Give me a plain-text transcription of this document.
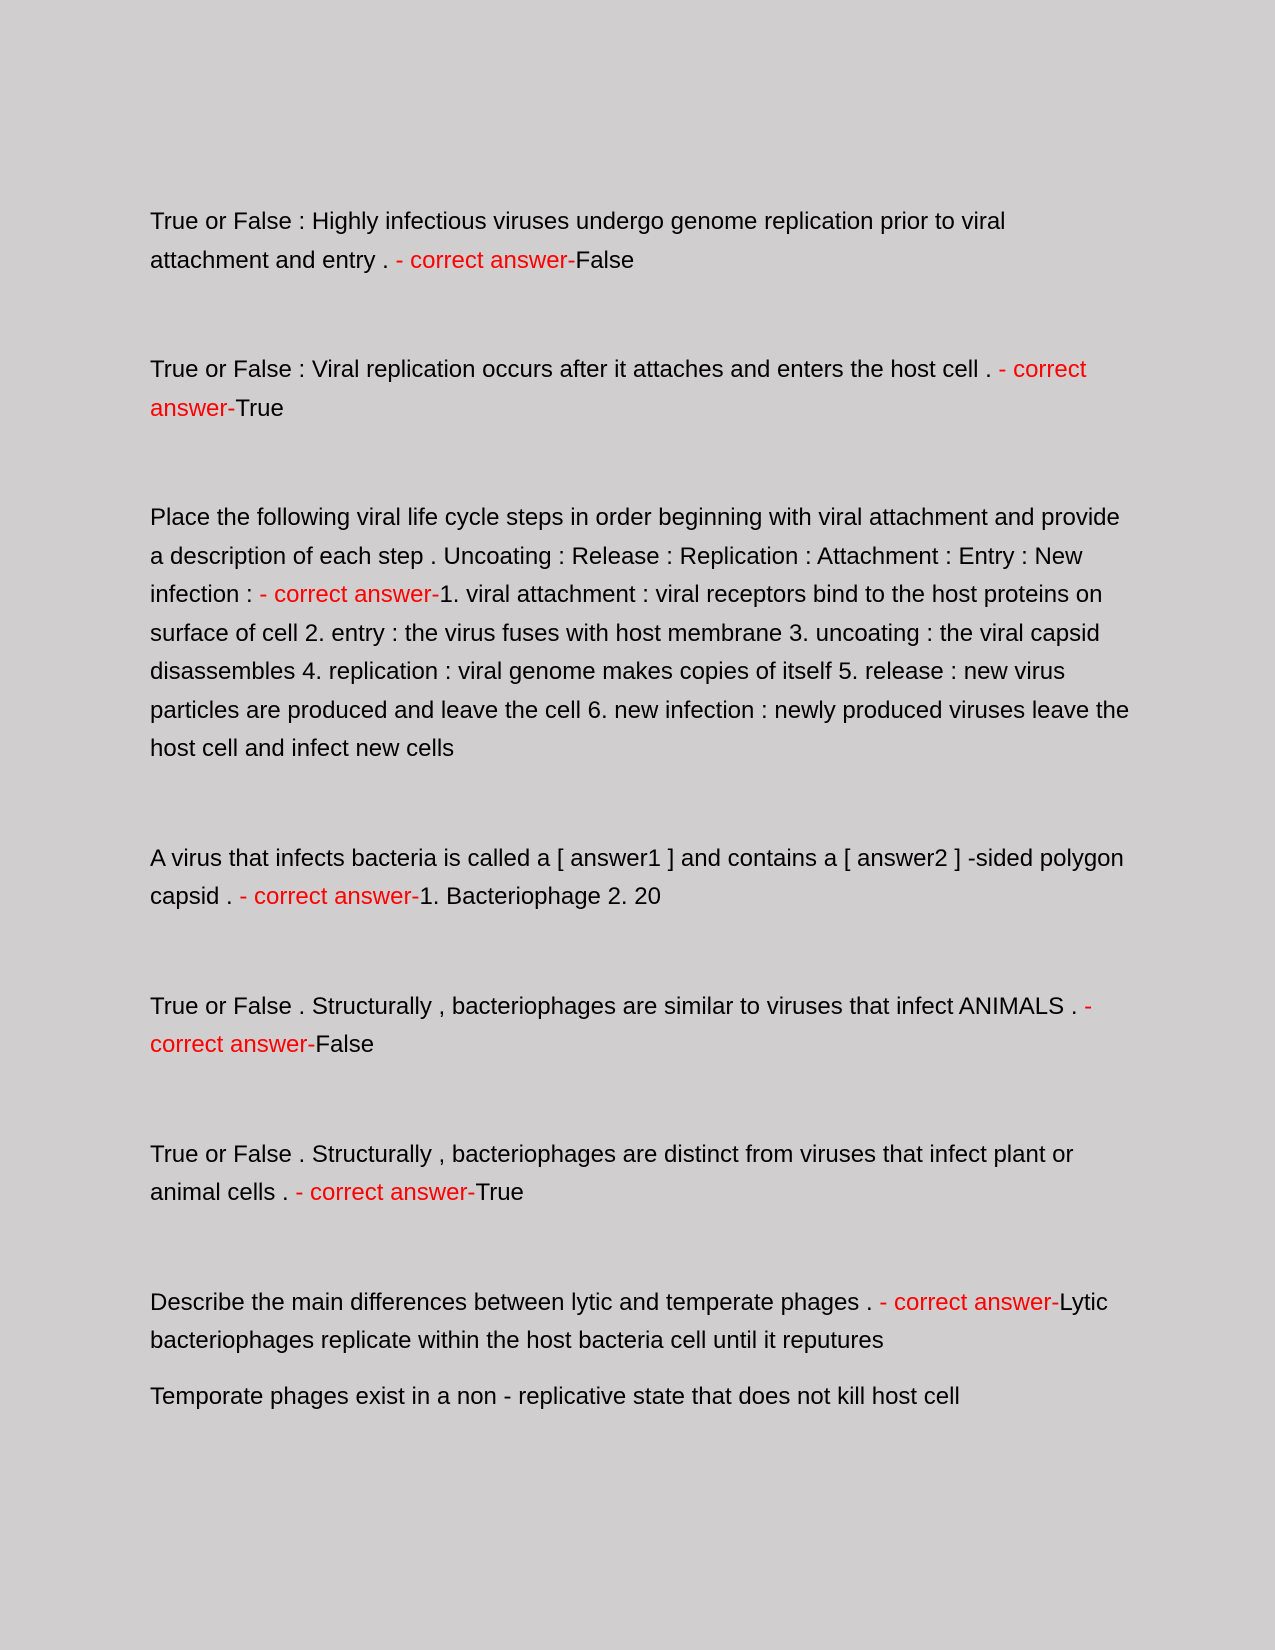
True or False : Highly infectious viruses undergo genome replication prior to viral attachment and entry . - correct answer-False

True or False : Viral replication occurs after it attaches and enters the host cell . - correct answer-True

Place the following viral life cycle steps in order beginning with viral attachment and provide a description of each step . Uncoating : Release : Replication : Attachment : Entry : New infection : - correct answer-1. viral attachment : viral receptors bind to the host proteins on surface of cell 2. entry : the virus fuses with host membrane 3. uncoating : the viral capsid disassembles 4. replication : viral genome makes copies of itself 5. release : new virus particles are produced and leave the cell 6. new infection : newly produced viruses leave the host cell and infect new cells

A virus that infects bacteria is called a [ answer1 ] and contains a [ answer2 ] -sided polygon capsid . - correct answer-1. Bacteriophage 2. 20

True or False . Structurally , bacteriophages are similar to viruses that infect ANIMALS . - correct answer-False

True or False . Structurally , bacteriophages are distinct from viruses that infect plant or animal cells . - correct answer-True

Describe the main differences between lytic and temperate phages . - correct answer-Lytic bacteriophages replicate within the host bacteria cell until it reputures

Temporate phages exist in a non - replicative state that does not kill host cell
